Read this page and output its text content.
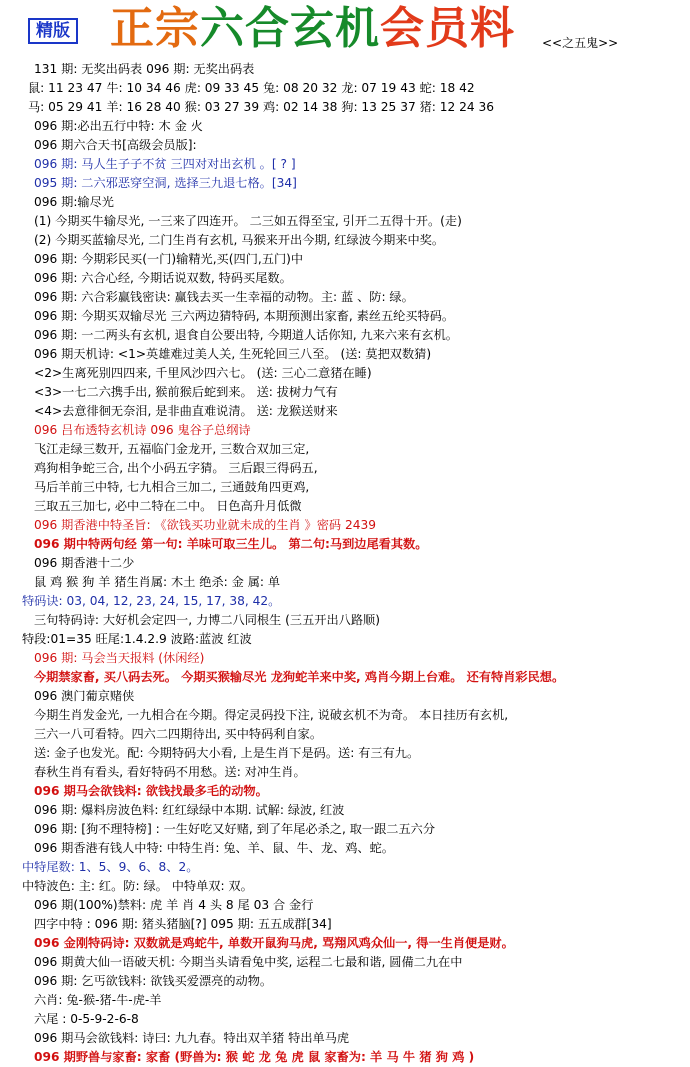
精版 正宗六合玄机会员料 <<之五鬼>>
131 期: 无奖出码表 096 期: 无奖出码表
鼠: 11 23 47 牛: 10 34 46 虎: 09 33 45 兔: 08 20 32 龙: 07 19 43 蛇: 18 42
马: 05 29 41 羊: 16 28 40 猴: 03 27 39 鸡: 02 14 38 狗: 13 25 37 猪: 12 24 36
096 期:必出五行中特: 木 金 火
096 期六合天书[高级会员版]:
096 期: 马人生子子不贫 三四对对出玄机 。[ ? ]
095 期: 二六邪恶穿空洞, 选择三九退七格。[34]
096 期:输尽光
(1) 今期买牛输尽光, 一三来了四连开。 二三如五得至宝, 引开二五得十开。(走)
(2) 今期买蓝输尽光, 二门生肖有玄机, 马猴来开出今期, 红绿波今期来中奖。
096 期: 今期彩民买(一门)输精光,买(四门,五门)中
096 期: 六合心经, 今期话说双数, 特码买尾数。
096 期: 六合彩赢钱密诀: 赢钱去买一生幸福的动物。主: 蓝 、防: 绿。
096 期: 今期买双输尽光 三六两边猜特码, 本期预测出家畜, 素丝五纶买特码。
096 期: 一二两头有玄机, 退食自公要出特, 今期道人话你知, 九来六来有玄机。
096 期天机诗: <1>英雄难过美人关, 生死轮回三八至。 (送: 莫把双数猜)
<2>生离死别四四来, 千里风沙四六七。 (送: 三心二意猪在睡)
<3>一七二六携手出, 猴前猴后蛇到来。 送: 拔树力气有
<4>去意徘徊无奈泪, 是非曲直难说清。 送: 龙猴送财来
096 吕布透特玄机诗 096 鬼谷子总纲诗
飞江走绿三数开, 五福临门金龙开, 三数合双加三定,
鸡狗相争蛇三合, 出个小码五字猜。 三后跟三得码五,
马后羊前三中特, 七九相合三加二, 三通鼓角四更鸡,
三取五三加七, 必中二特在二中。 日色高升月低微
096 期香港中特圣旨: 《欲钱买功业就未成的生肖 》密码 2439
096 期中特两句经 第一句: 羊味可取三生儿。 第二句:马到边尾看其数。
096 期香港十二少
鼠 鸡 猴 狗 羊 猪生肖属: 木土 绝杀: 金 属: 单
特码诀: 03, 04, 12, 23, 24, 15, 17, 38, 42。
三句特码诗: 大好机会定四一, 力博二八同根生 (三五开出八路顺)
特段:01=35 旺尾:1.4.2.9 波路:蓝波 红波
096 期: 马会当天报料 (休闲经)
今期禁家畜, 买八码去死。 今期买猴输尽光 龙狗蛇羊来中奖, 鸡肖今期上台难。 还有特肖彩民想。
096 澳门葡京赌侠
今期生肖发金光, 一九相合在今期。得定灵码投下注, 说破玄机不为奇。 本日挂历有玄机,
三六一八可看特。四六二四期待出, 买中特码利自家。
送: 金子也发光。配: 今期特码大小看, 上是生肖下是码。送: 有三有九。
春秋生肖有看头, 看好特码不用愁。送: 对冲生肖。
096 期马会欲钱料: 欲钱找最多毛的动物。
096 期: 爆料房波色料: 红红绿绿中本期. 试解: 绿波, 红波
096 期: [狗不理特榜] : 一生好吃又好赌, 到了年尾必杀之, 取一跟二五六分
096 期香港有钱人中特: 中特生肖: 兔、羊、鼠、牛、龙、鸡、蛇。
中特尾数: 1、5、9、6、8、2。
中特波色: 主: 红。防: 绿。 中特单双: 双。
096 期(100%)禁料: 虎 羊 肖 4 头 8 尾 03 合 金行
四字中特 : 096 期: 猪头猪脑[?] 095 期: 五五成群[34]
096 金刚特码诗: 双数就是鸡蛇牛, 单数开鼠狗马虎, 骂翔风鸡众仙一, 得一生肖便是财。
096 期黄大仙一语破天机: 今期当头请看兔中奖, 运程二七最和谐, 圆備二九在中
096 期: 乞丐欲钱料: 欲钱买爱漂亮的动物。
六肖: 兔-猴-猪-牛-虎-羊
六尾 : 0-5-9-2-6-8
096 期马会欲钱料: 诗曰: 九九春。特出双羊猪 特出单马虎
096 期野兽与家畜: 家畜 (野兽为: 猴 蛇 龙 兔 虎 鼠 家畜为: 羊 马 牛 猪 狗 鸡 )
